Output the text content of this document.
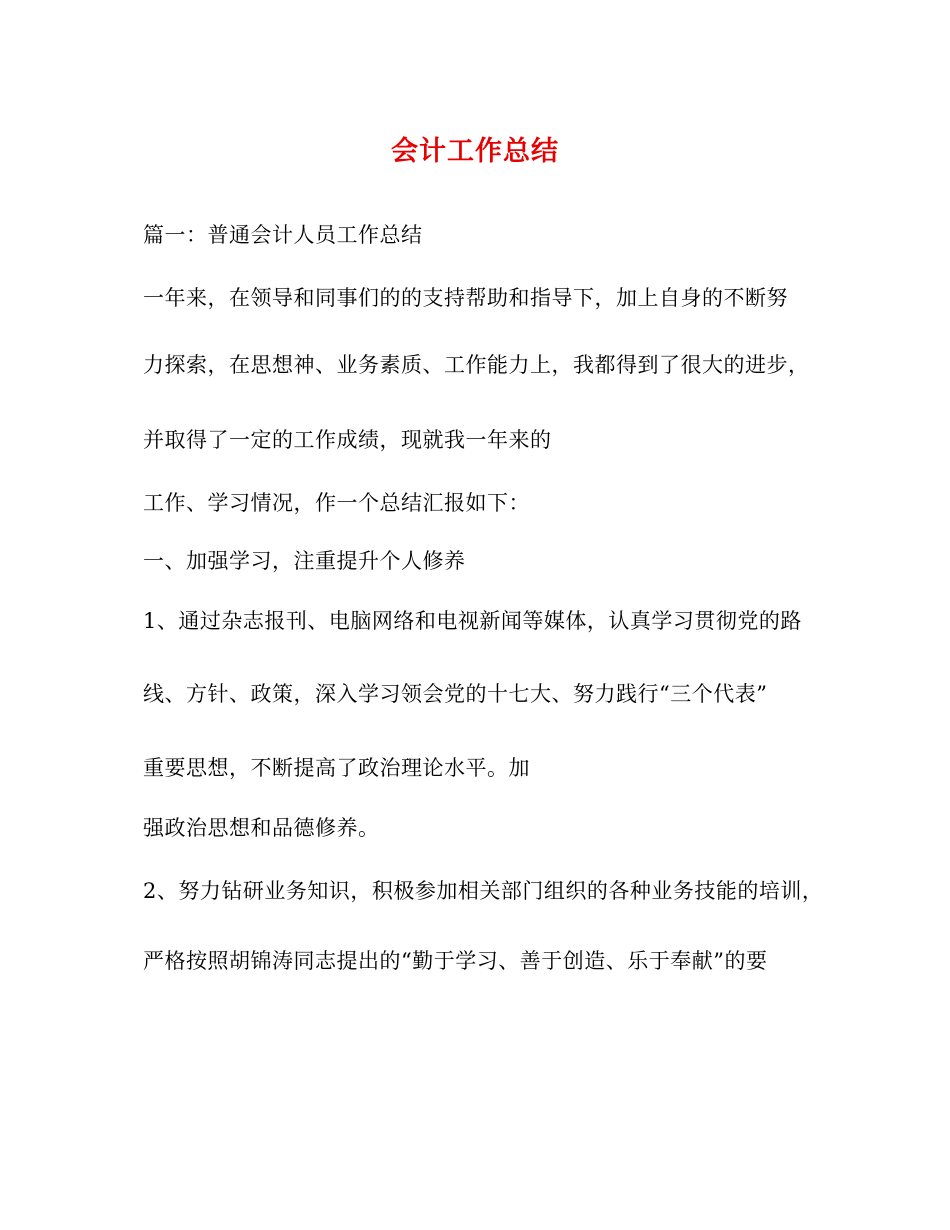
会计工作总结
篇一：普通会计人员工作总结
一年来，在领导和同事们的的支持帮助和指导下，加上自身的不断努
力探索，在思想神、业务素质、工作能力上，我都得到了很大的进步，
并取得了一定的工作成绩，现就我一年来的
工作、学习情况，作一个总结汇报如下：
一、加强学习，注重提升个人修养
1、通过杂志报刊、电脑网络和电视新闻等媒体，认真学习贯彻党的路
线、方针、政策，深入学习领会党的十七大、努力践行“三个代表”
重要思想，不断提高了政治理论水平。加
强政治思想和品德修养。
2、努力钻研业务知识，积极参加相关部门组织的各种业务技能的培训，
严格按照胡锦涛同志提出的“勤于学习、善于创造、乐于奉献”的要
